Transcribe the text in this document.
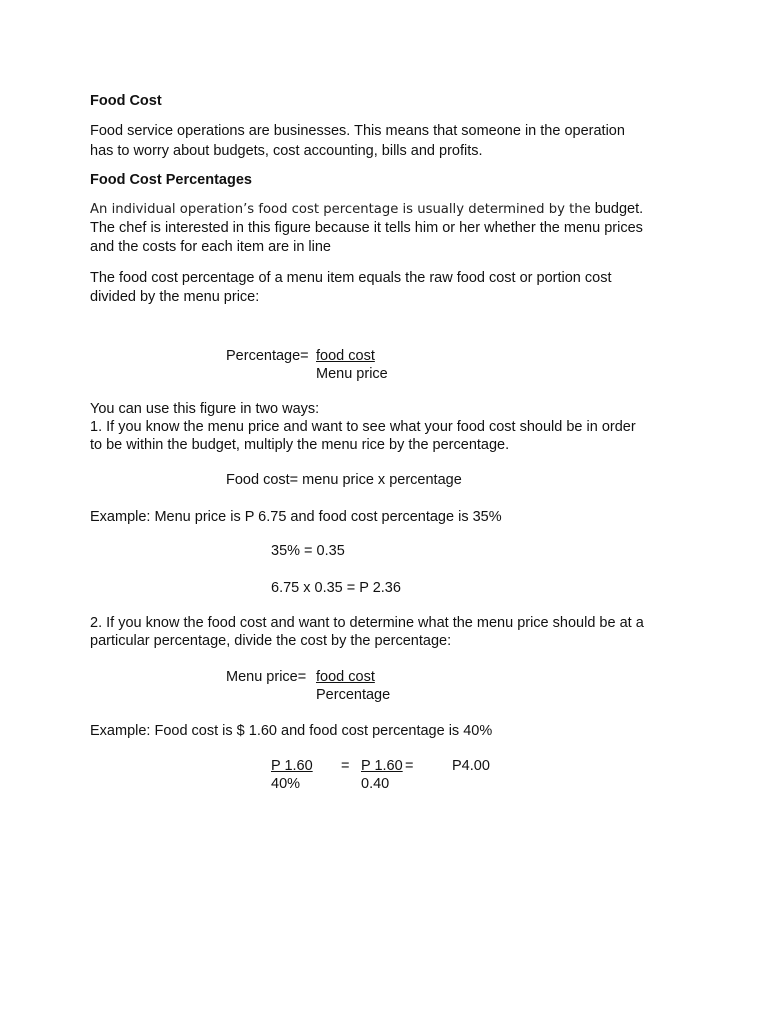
Food Cost

Food service operations are businesses. This means that someone in the operation

has to worry about budgets, cost accounting, bills and profits.

Food Cost Percentages

An individual operation’s food cost percentage is usually determined by the budget.

The chef is interested in this figure because it tells him or her whether the menu prices

and the costs for each item are in line

The food cost percentage of a menu item equals the raw food cost or portion cost

divided by the menu price:

Percentage= food cost

Menu price

You can use this figure in two ways:

1. If you know the menu price and want to see what your food cost should be in order

to be within the budget, multiply the menu rice by the percentage.

Food cost= menu price x percentage

Example: Menu price is P 6.75 and food cost percentage is 35%

35% = 0.35

6.75 x 0.35 = P 2.36

2. If you know the food cost and want to determine what the menu price should be at a

particular percentage, divide the cost by the percentage:

Menu price= food cost

Percentage

Example: Food cost is $ 1.60 and food cost percentage is 40%

P 1.60

40%

= P 1.60 =

0.40

P4.00
